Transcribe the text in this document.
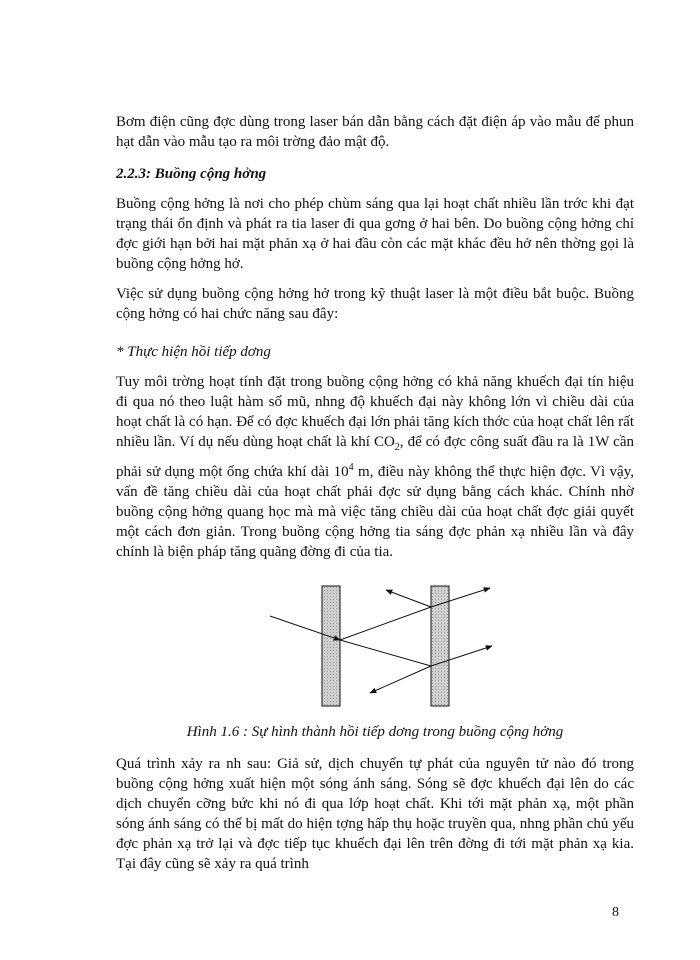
Bơm điện cũng đợc dùng trong laser bán dẫn bằng cách đặt điện áp vào mẫu để phun hạt dẫn vào mẫu tạo ra môi trờng đảo mật độ.

2.2.3: Buồng cộng hởng

Buồng cộng hởng là nơi cho phép chùm sáng qua lại hoạt chất nhiều lần trớc khi đạt trạng thái ổn định và phát ra tia laser đi qua gơng ở hai bên. Do buồng cộng hởng chỉ đợc giới hạn bởi hai mặt phản xạ ở hai đầu còn các mặt khác đều hở nên thờng gọi là buồng cộng hởng hở.

Việc sử dụng buồng cộng hởng hở trong kỹ thuật laser là một điều bắt buộc. Buồng cộng hởng có hai chức năng sau đây:

* Thực hiện hồi tiếp dơng

Tuy môi trờng hoạt tính đặt trong buồng cộng hởng có khả năng khuếch đại tín hiệu đi qua nó theo luật hàm số mũ, nhng độ khuếch đại này không lớn vì chiều dài của hoạt chất là có hạn. Để có đợc khuếch đại lớn phải tăng kích thớc của hoạt chất lên rất nhiều lần. Ví dụ nếu dùng hoạt chất là khí $CO_2$, để có đợc công suất đầu ra là 1W cần phải sử dụng một ống chứa khí dài $10^4$ m, điều này không thể thực hiện đợc. Vì vậy, vấn đề tăng chiều dài của hoạt chất phải đợc sử dụng bằng cách khác. Chính nhờ buồng cộng hởng quang học mà mà việc tăng chiều dài của hoạt chất đợc giải quyết một cách đơn giản. Trong buồng cộng hởng tia sáng đợc phản xạ nhiều lần và đây chính là biện pháp tăng quãng đờng đi của tia.

Hình 1.6 : Sự hình thành hồi tiếp dơng trong buồng cộng hởng

Quá trình xảy ra nh sau: Giả sử, dịch chuyển tự phát của nguyên tử nào đó trong buồng cộng hởng xuất hiện một sóng ánh sáng. Sóng sẽ đợc khuếch đại lên do các dịch chuyển cỡng bức khi nó đi qua lớp hoạt chất. Khi tới mặt phản xạ, một phần sóng ánh sáng có thể bị mất do hiện tợng hấp thụ hoặc truyền qua, nhng phần chủ yếu đợc phản xạ trở lại và đợc tiếp tục khuếch đại lên trên đờng đi tới mặt phản xạ kia. Tại đây cũng sẽ xảy ra quá trình

8
